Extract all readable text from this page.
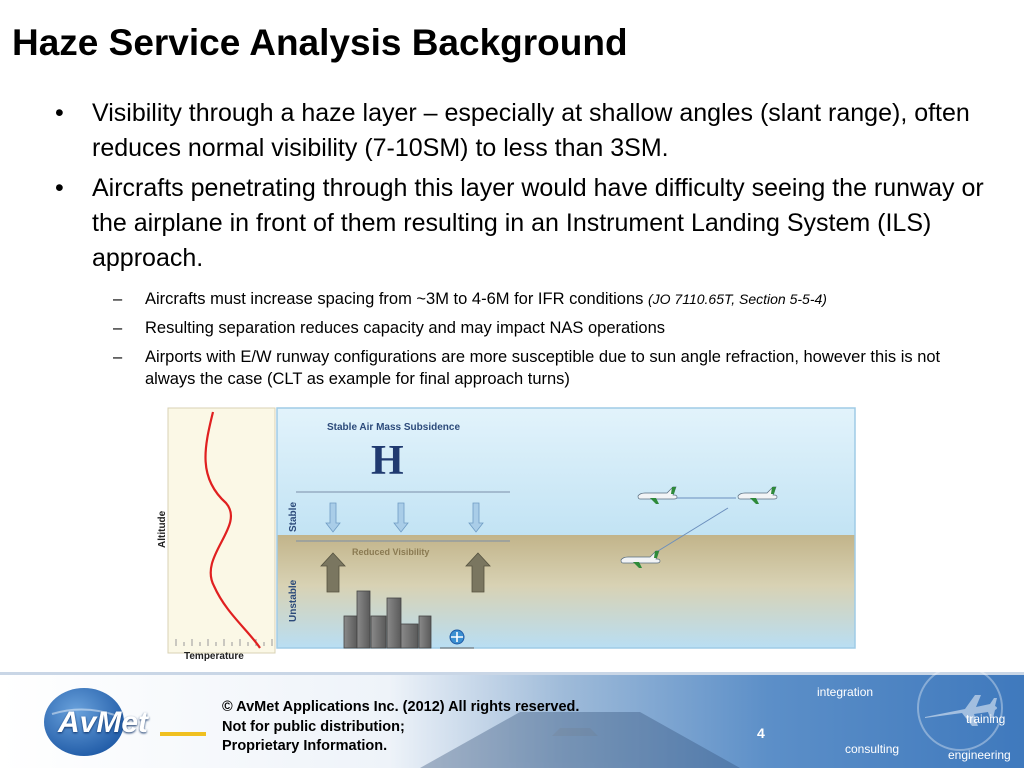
Haze Service Analysis Background
• Visibility through a haze layer – especially at shallow angles (slant range), often reduces normal visibility (7-10SM) to less than 3SM.
• Aircrafts penetrating through this layer would have difficulty seeing the runway or the airplane in front of them resulting in an Instrument Landing System (ILS) approach.
– Aircrafts must increase spacing from ~3M to 4-6M for IFR conditions (JO 7110.65T, Section 5-5-4)
– Resulting separation reduces capacity and may impact NAS operations
– Airports with E/W runway configurations are more susceptible due to sun angle refraction, however this is not always the case (CLT as example for final approach turns)
Altitude
Temperature
Stable Air Mass Subsidence
H
Stable
Unstable
Reduced Visibility
AvMet	© AvMet Applications Inc. (2012) All rights reserved.
Not for public distribution;
Proprietary Information.
4
integration
training
consulting	engineering
